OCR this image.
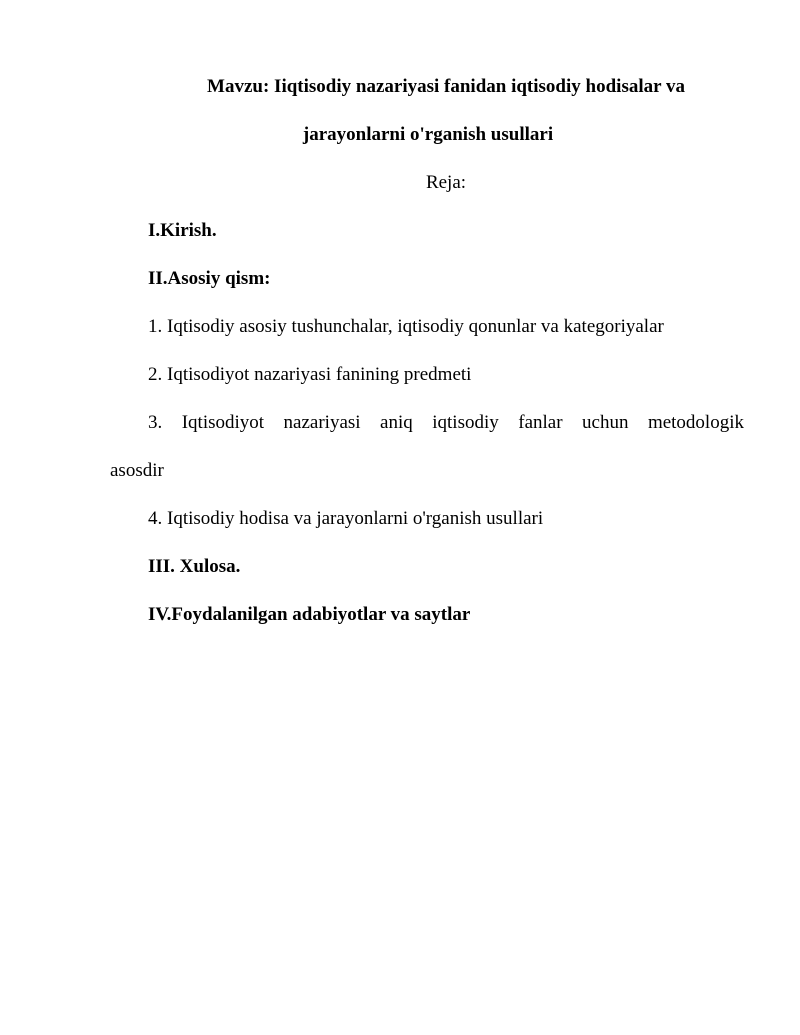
Mavzu: Iiqtisodiy nazariyasi fanidan iqtisodiy hodisalar va
jarayonlarni o'rganish usullari
Reja:
I.Kirish.
II.Asosiy qism:
1. Iqtisodiy asosiy tushunchalar, iqtisodiy qonunlar va kategoriyalar
2. Iqtisodiyot nazariyasi fanining predmeti
3. Iqtisodiyot nazariyasi aniq iqtisodiy fanlar uchun metodologik
asosdir
4. Iqtisodiy hodisa va jarayonlarni o'rganish usullari
III. Xulosa.
IV.Foydalanilgan adabiyotlar va saytlar
